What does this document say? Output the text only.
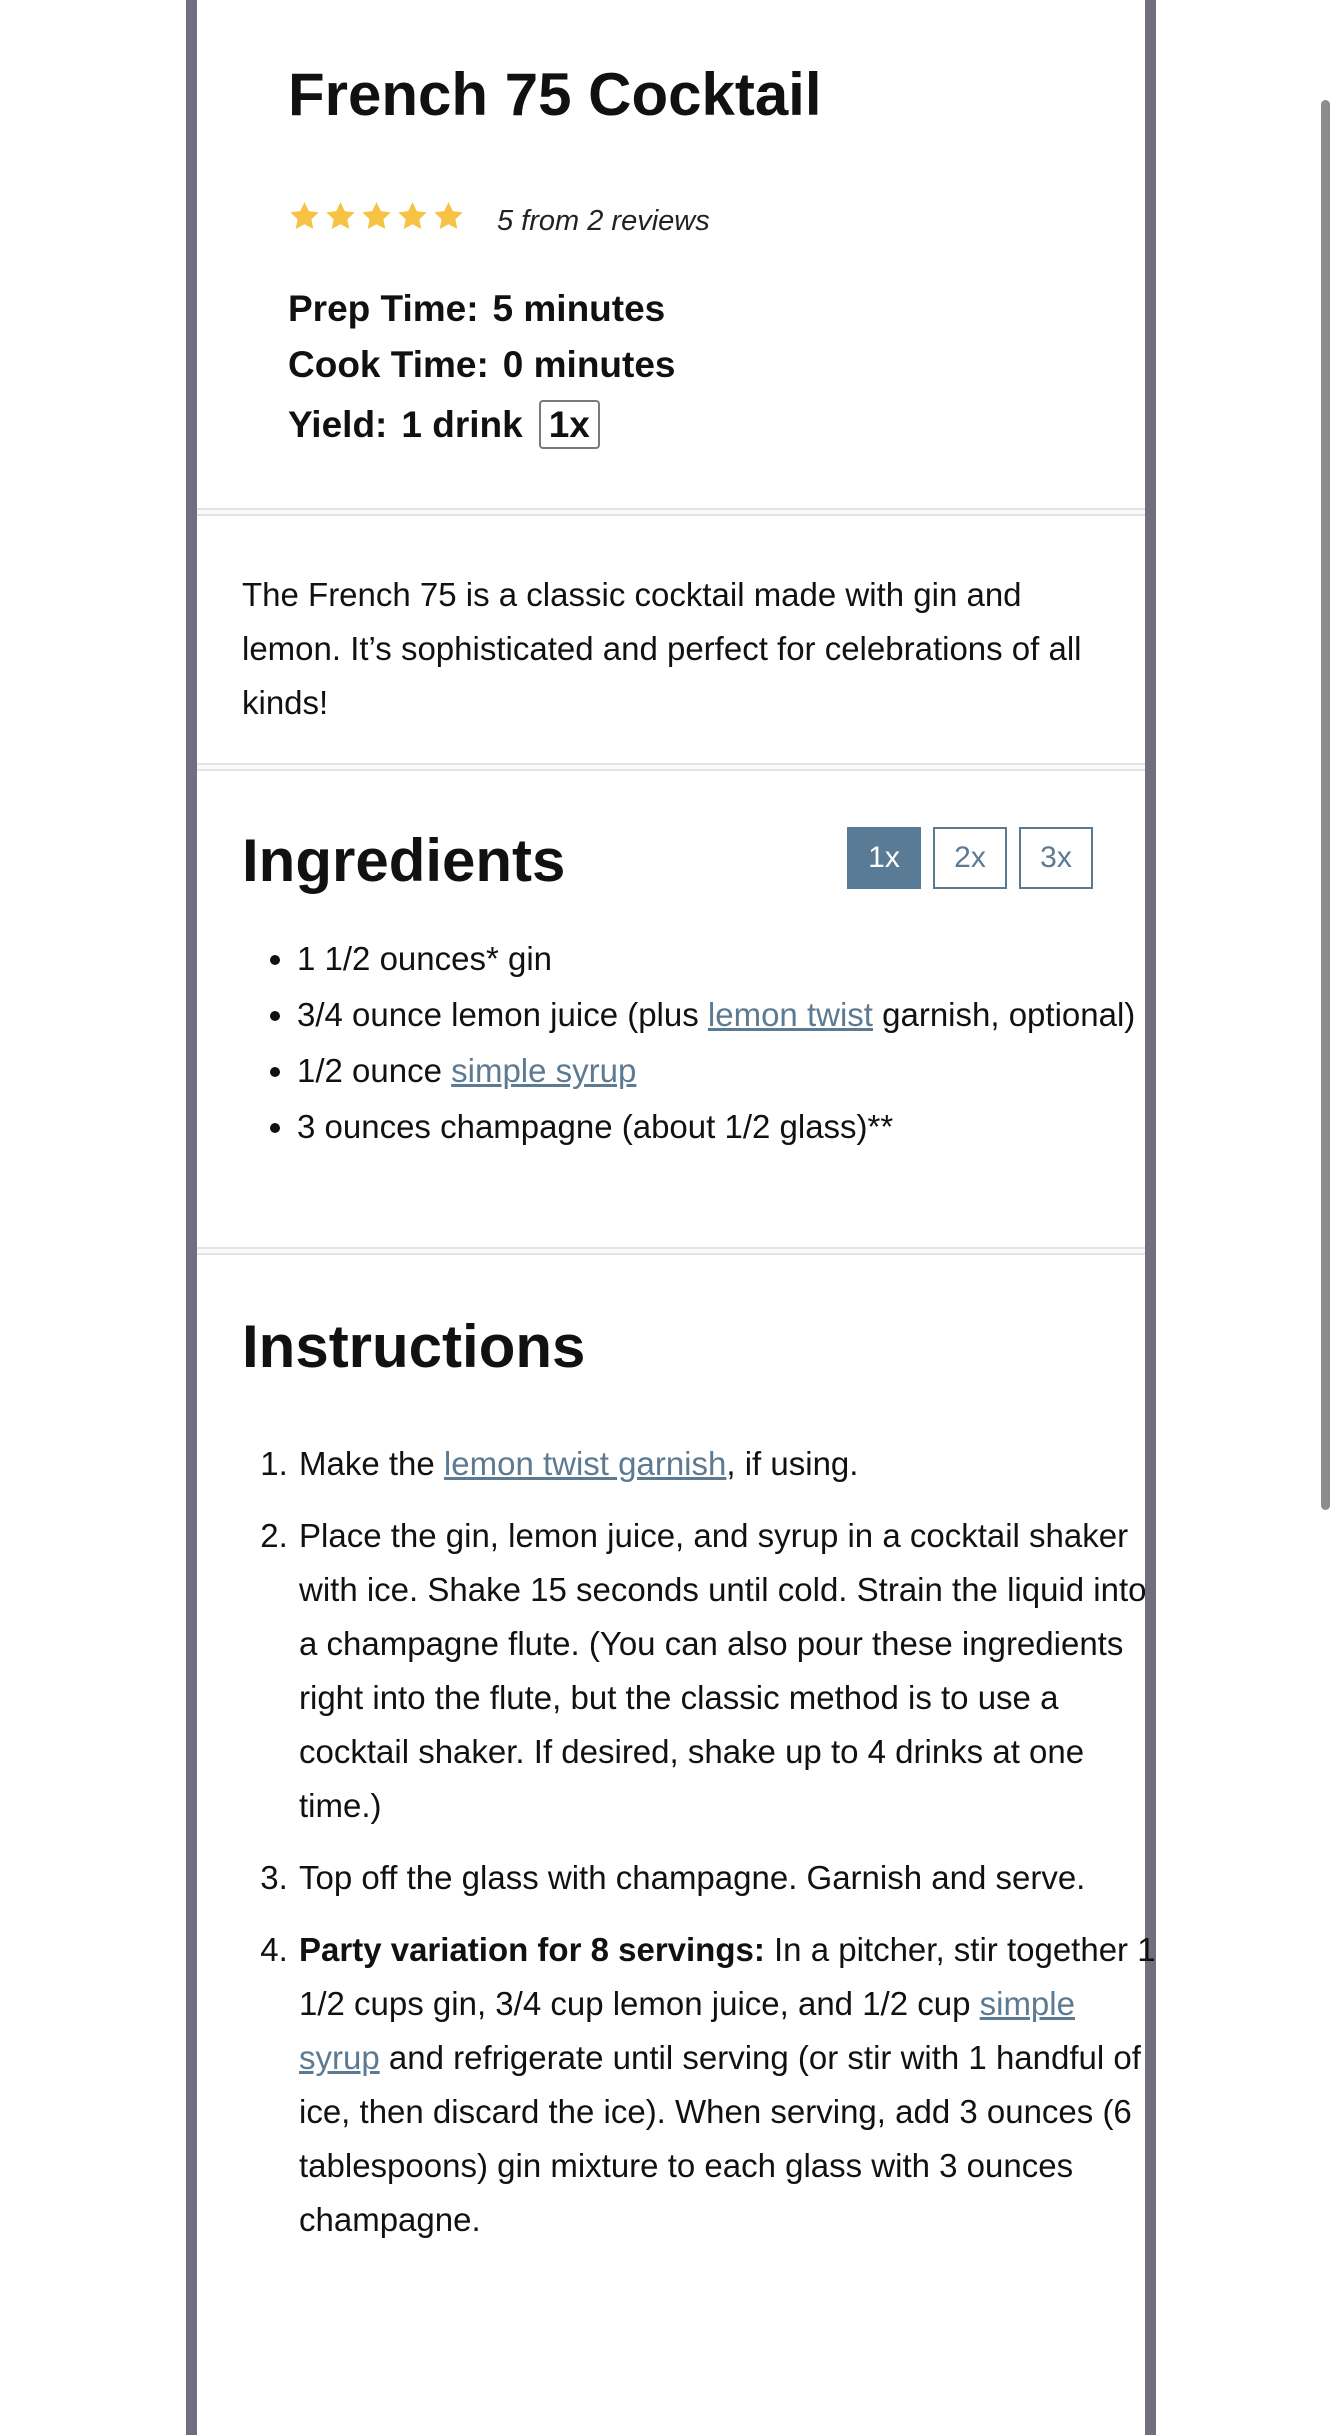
French 75 Cocktail
5 from 2 reviews
Prep Time: 5 minutes
Cook Time: 0 minutes
Yield: 1 drink 1x

The French 75 is a classic cocktail made with gin and lemon. It’s sophisticated and perfect for celebrations of all kinds!

Ingredients	1x	2x	3x
• 1 1/2 ounces* gin
• 3/4 ounce lemon juice (plus lemon twist garnish, optional)
• 1/2 ounce simple syrup
• 3 ounces champagne (about 1/2 glass)**
Instructions
1. Make the lemon twist garnish, if using.
2. Place the gin, lemon juice, and syrup in a cocktail shaker with ice. Shake 15 seconds until cold. Strain the liquid into a champagne flute. (You can also pour these ingredients right into the flute, but the classic method is to use a cocktail shaker. If desired, shake up to 4 drinks at one time.)
3. Top off the glass with champagne. Garnish and serve.
4. Party variation for 8 servings: In a pitcher, stir together 1 1/2 cups gin, 3/4 cup lemon juice, and 1/2 cup simple syrup and refrigerate until serving (or stir with 1 handful of ice, then discard the ice). When serving, add 3 ounces (6 tablespoons) gin mixture to each glass with 3 ounces champagne.
